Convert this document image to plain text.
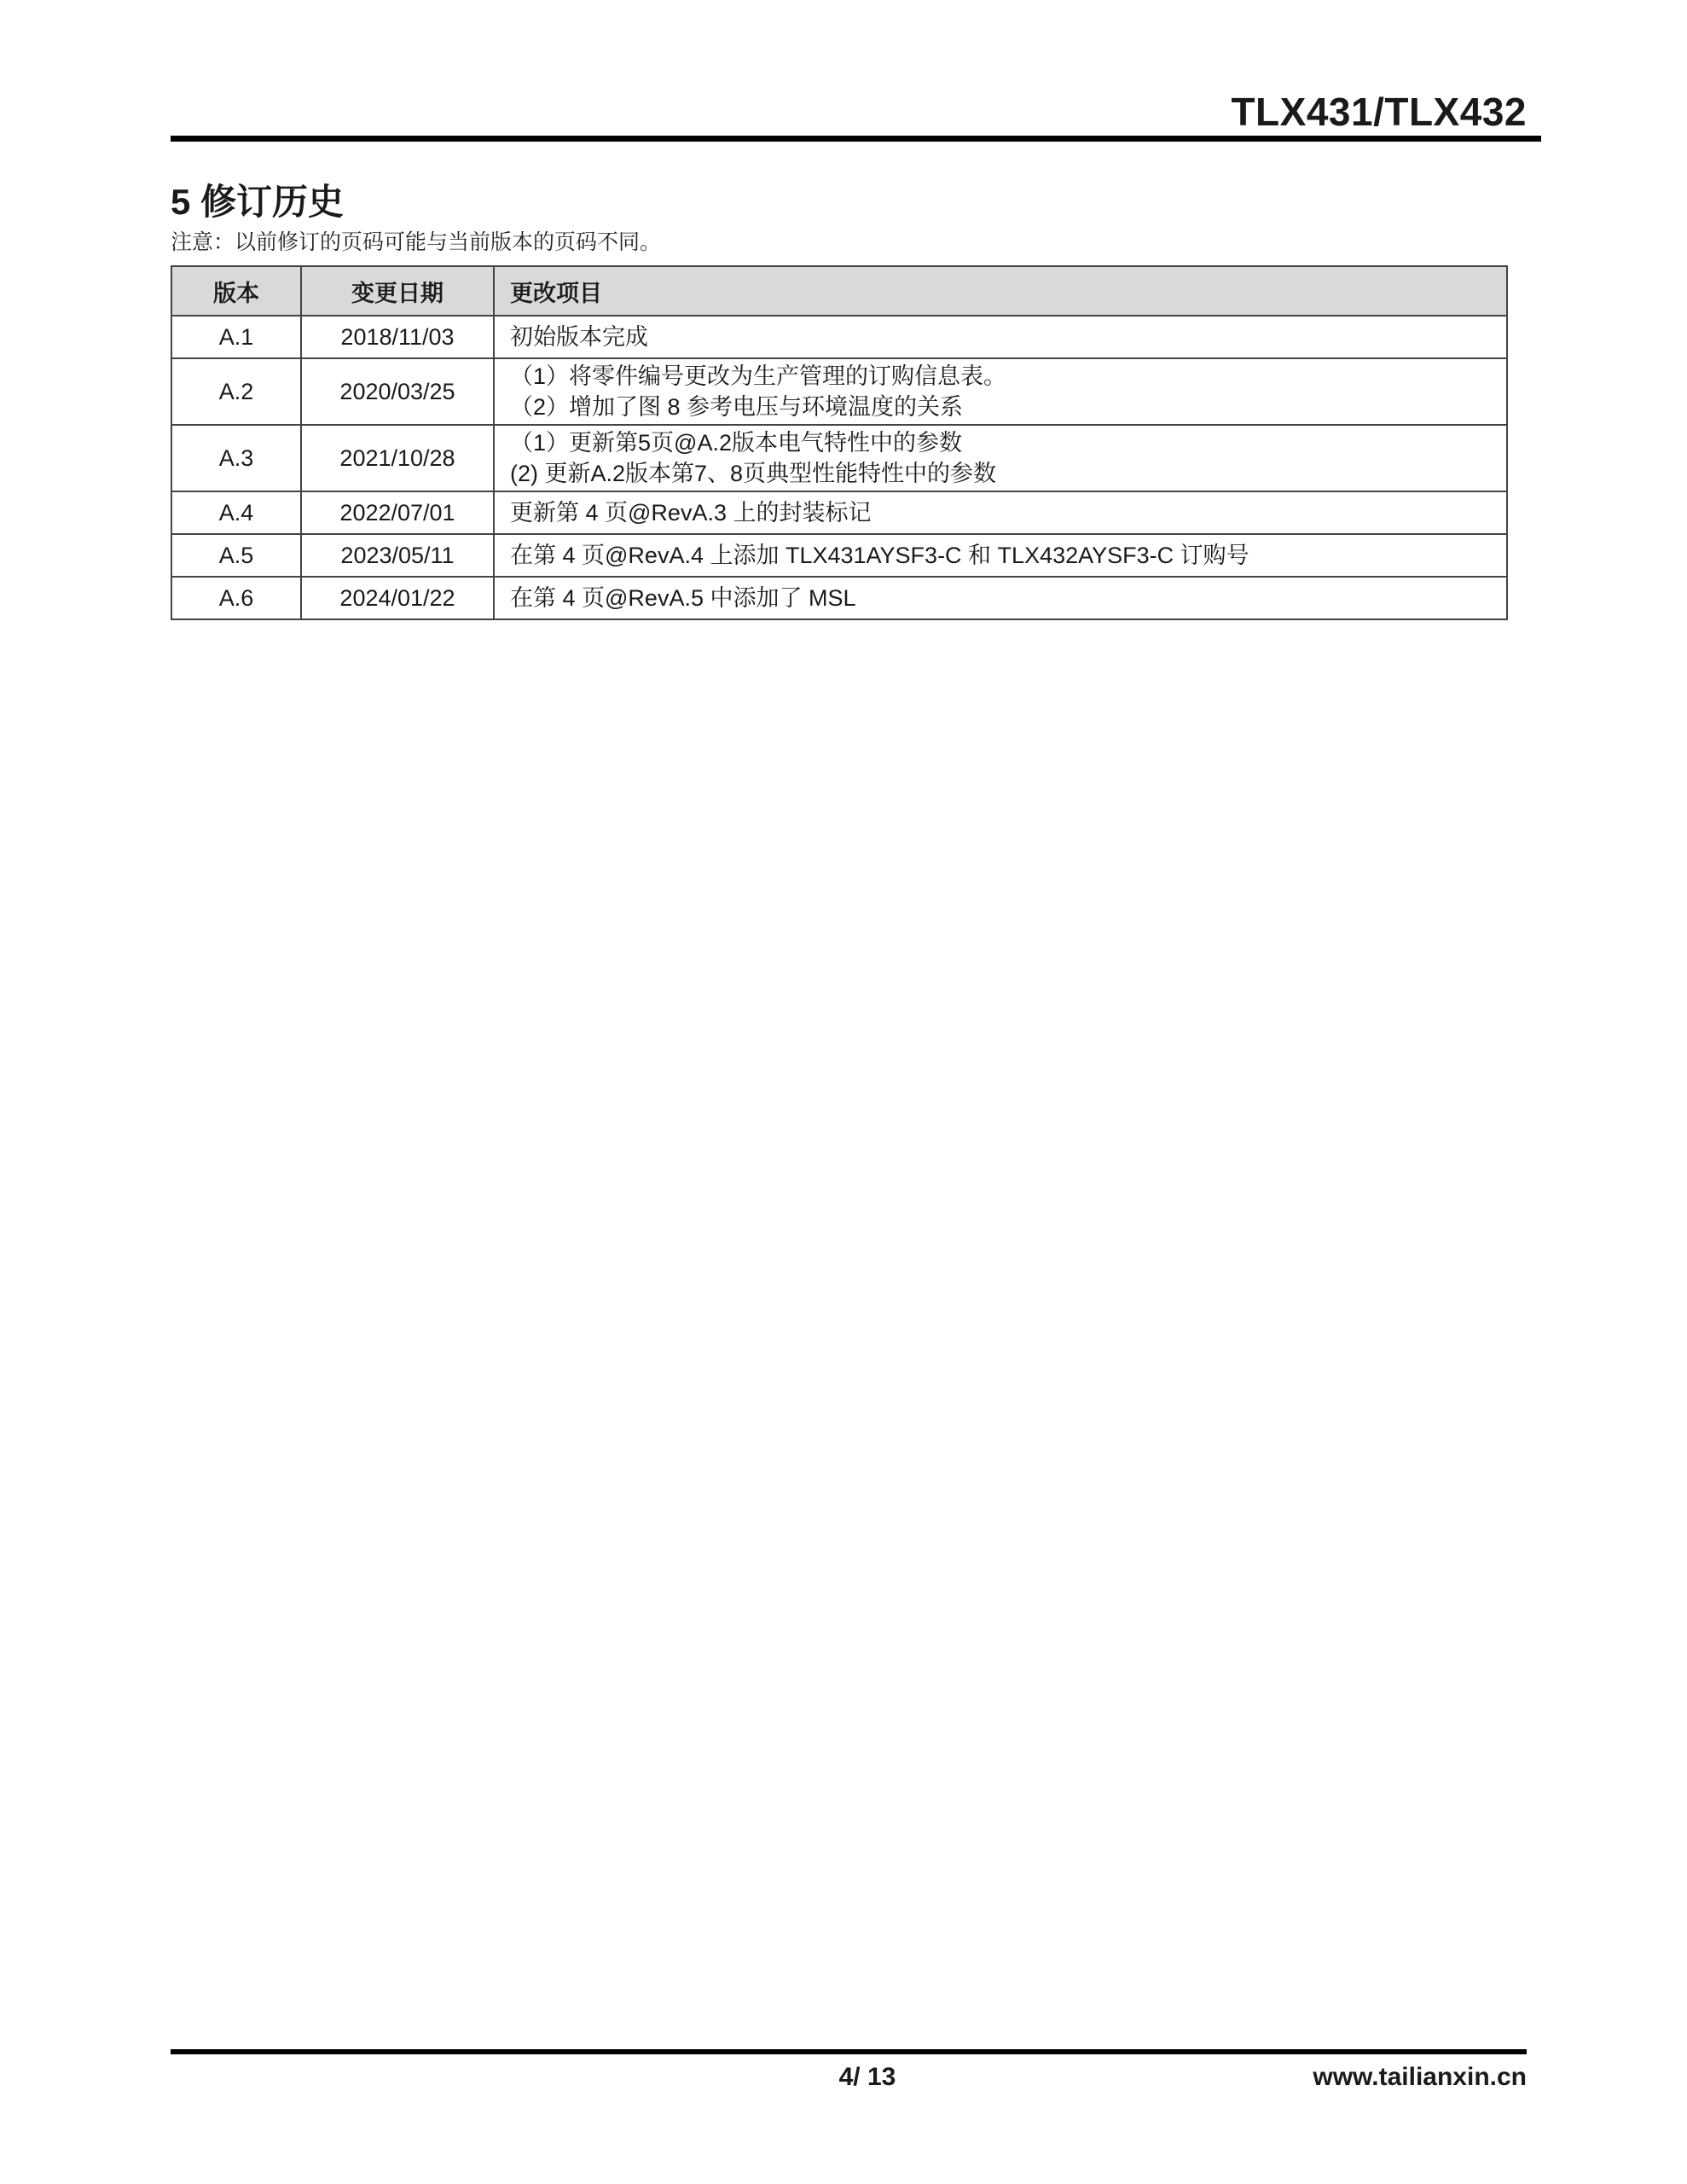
TLX431/TLX432
5 修订历史
注意：以前修订的页码可能与当前版本的页码不同。
版本	变更日期	更改项目
A.1	2018/11/03	初始版本完成

A.2	2020/03/25	（1）将零件编号更改为生产管理的订购信息表。
（2）增加了图 8 参考电压与环境温度的关系

A.3	2021/10/28	（1）更新第5页@A.2版本电气特性中的参数
(2) 更新A.2版本第7、8页典型性能特性中的参数

A.4	2022/07/01	更新第 4 页@RevA.3 上的封装标记

A.5	2023/05/11	在第 4 页@RevA.4 上添加 TLX431AYSF3-C 和 TLX432AYSF3-C 订购号

A.6	2024/01/22	在第 4 页@RevA.5 中添加了 MSL
4/ 13	www.tailianxin.cn
